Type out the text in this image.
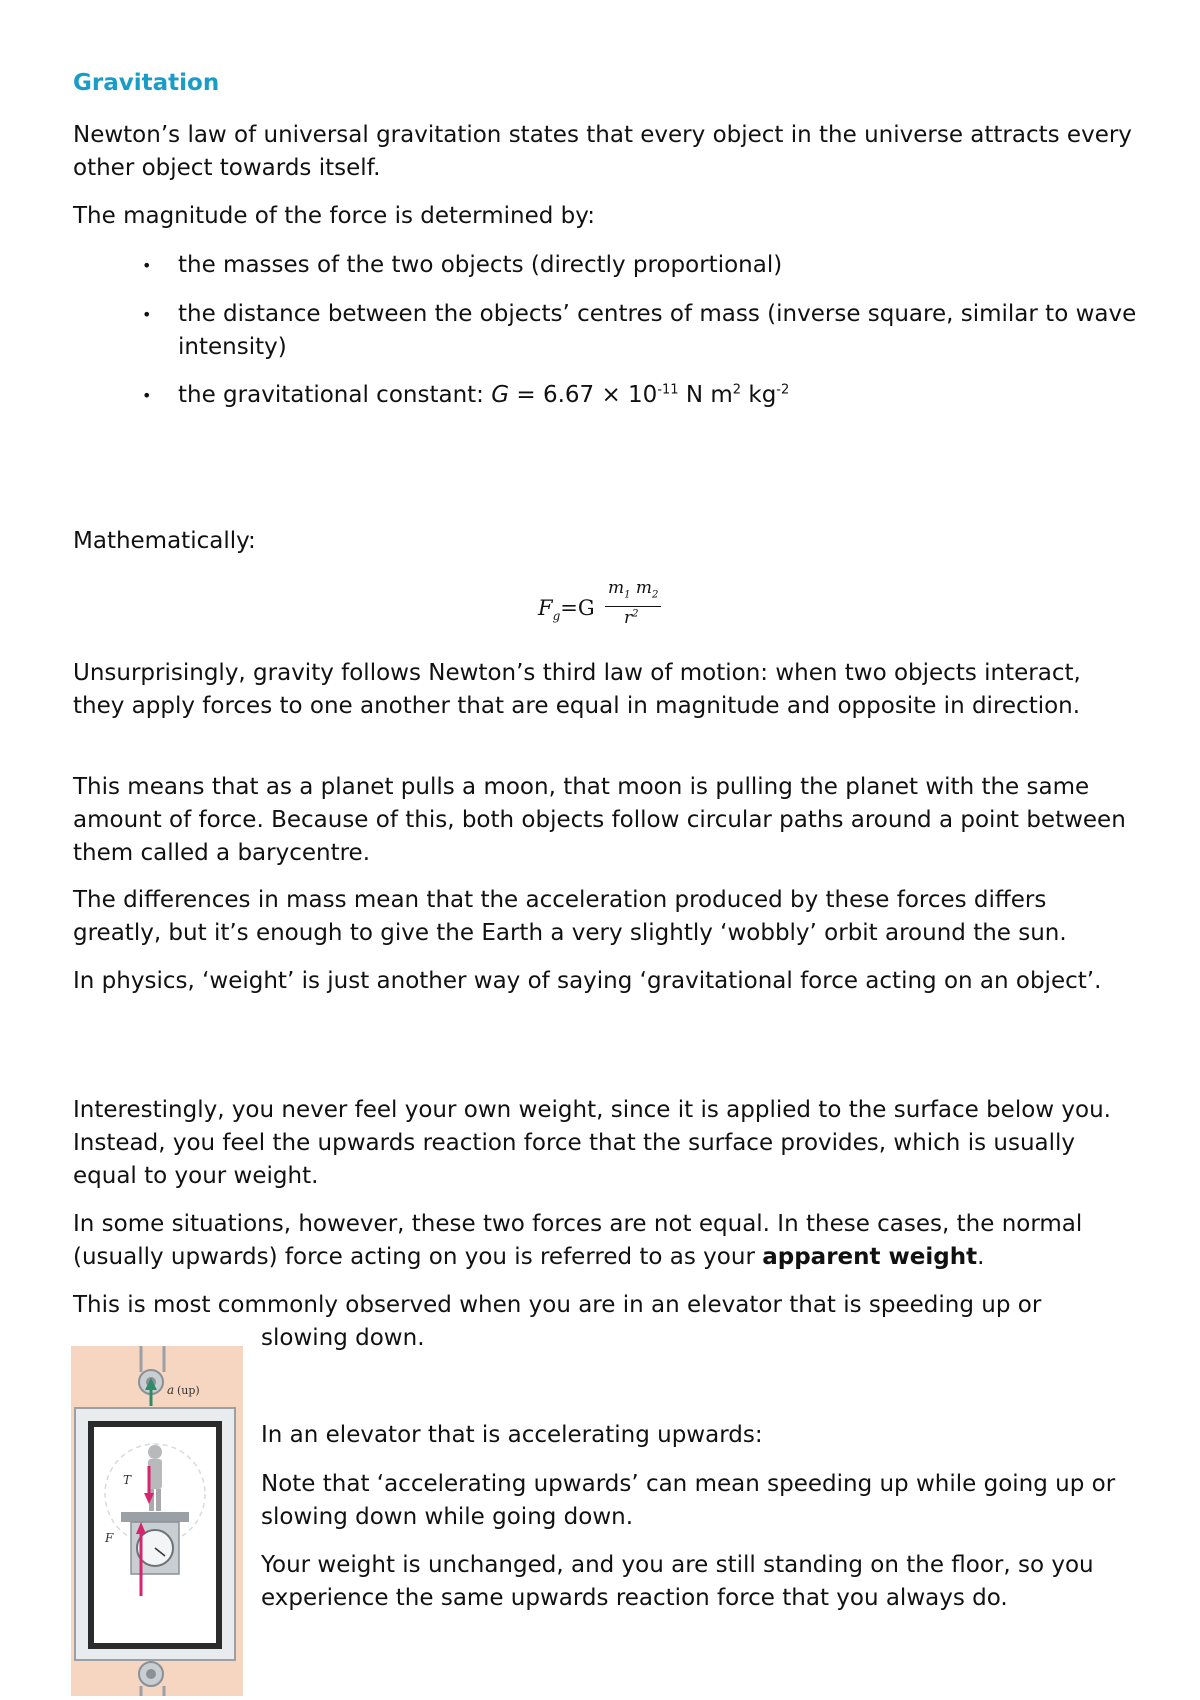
Gravitation

Newton’s law of universal gravitation states that every object in the universe attracts every other object towards itself.

The magnitude of the force is determined by:

• the masses of the two objects (directly proportional)

• the distance between the objects’ centres of mass (inverse square, similar to wave intensity)

• the gravitational constant: $G = 6.67 \times 10^{-11}$ N $m^2$ $kg^{-2}$

Mathematically:

$F_g=G$
$m_1$ $m_2$
$r^2$

Unsurprisingly, gravity follows Newton’s third law of motion: when two objects interact, they apply forces to one another that are equal in magnitude and opposite in direction.

This means that as a planet pulls a moon, that moon is pulling the planet with the same amount of force. Because of this, both objects follow circular paths around a point between them called a barycentre.

The differences in mass mean that the acceleration produced by these forces differs greatly, but it’s enough to give the Earth a very slightly ‘wobbly’ orbit around the sun.

In physics, ‘weight’ is just another way of saying ‘gravitational force acting on an object’.

Interestingly, you never feel your own weight, since it is applied to the surface below you. Instead, you feel the upwards reaction force that the surface provides, which is usually equal to your weight.

In some situations, however, these two forces are not equal. In these cases, the normal (usually upwards) force acting on you is referred to as your apparent weight.

This is most commonly observed when you are in an elevator that is speeding up or

slowing down.

a (up)
T
F

In an elevator that is accelerating upwards:

Note that ‘accelerating upwards’ can mean speeding up while going up or slowing down while going down.

Your weight is unchanged, and you are still standing on the floor, so you experience the same upwards reaction force that you always do.
